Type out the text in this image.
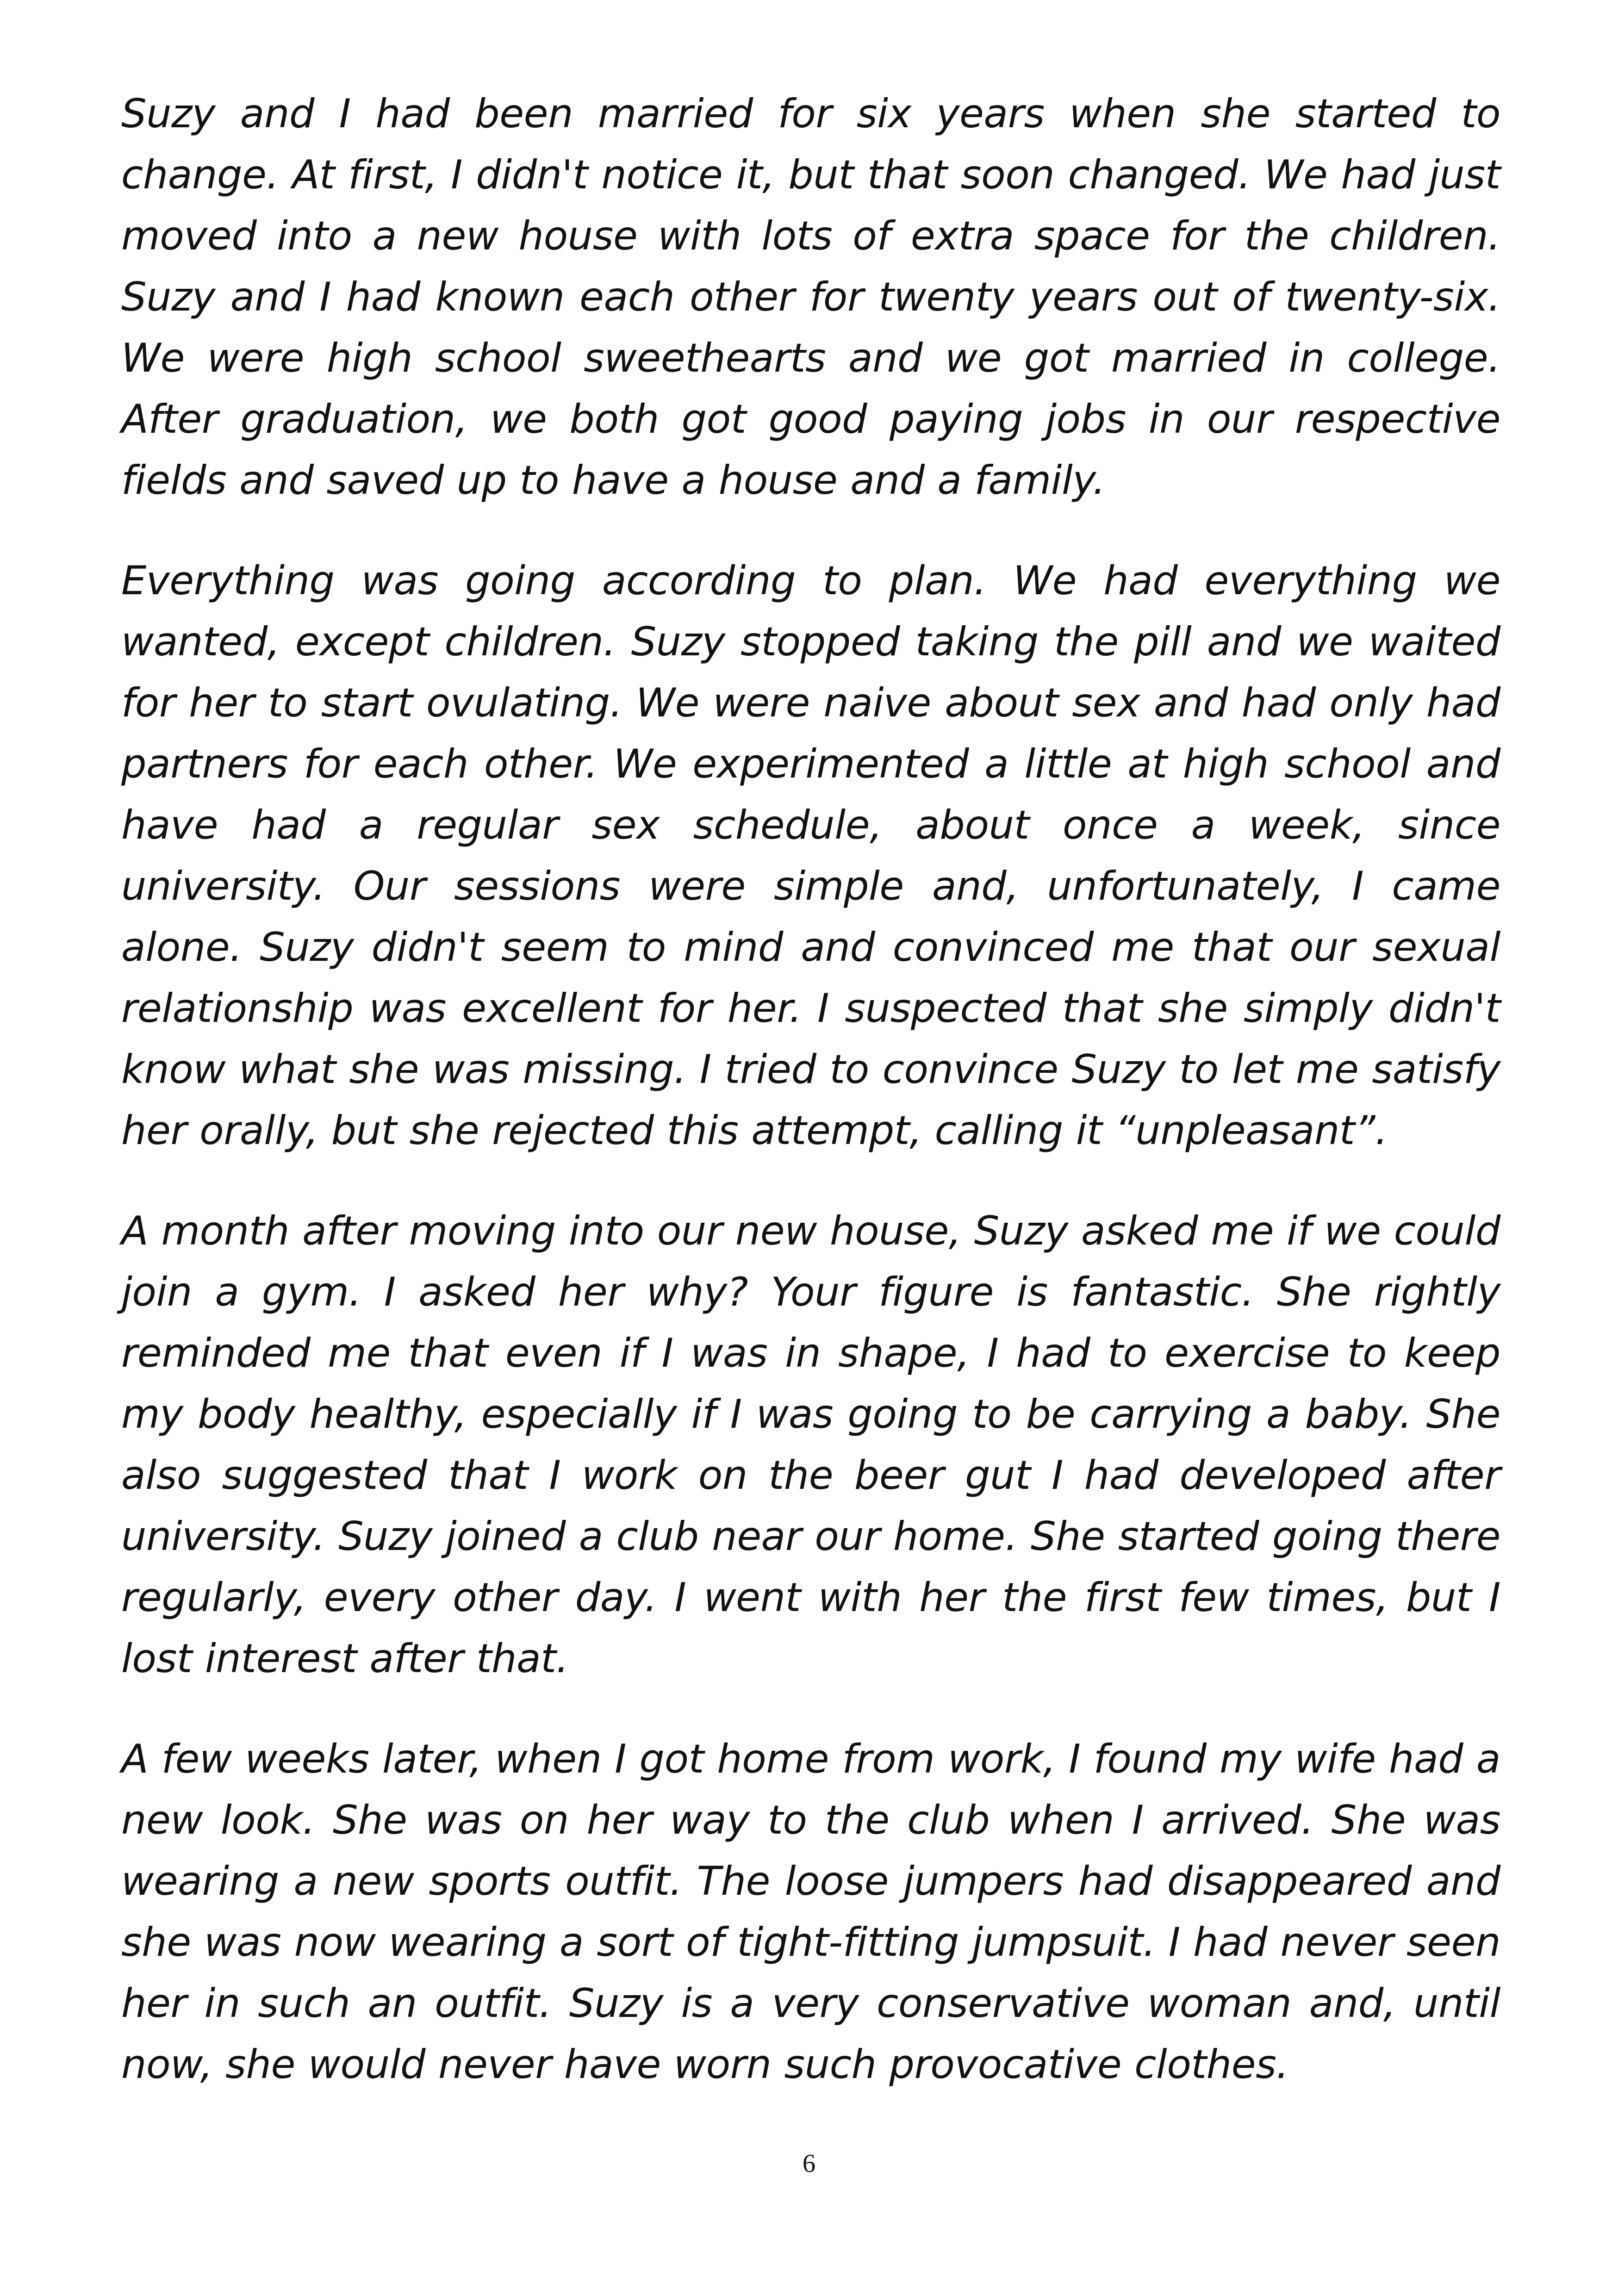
Suzy and I had been married for six years when she started to change. At first, I didn't notice it, but that soon changed. We had just moved into a new house with lots of extra space for the children. Suzy and I had known each other for twenty years out of twenty-six. We were high school sweethearts and we got married in college. After graduation, we both got good paying jobs in our respective fields and saved up to have a house and a family.

Everything was going according to plan. We had everything we wanted, except children. Suzy stopped taking the pill and we waited for her to start ovulating. We were naive about sex and had only had partners for each other. We experimented a little at high school and have had a regular sex schedule, about once a week, since university. Our sessions were simple and, unfortunately, I came alone. Suzy didn't seem to mind and convinced me that our sexual relationship was excellent for her. I suspected that she simply didn't know what she was missing. I tried to convince Suzy to let me satisfy her orally, but she rejected this attempt, calling it “unpleasant”.

A month after moving into our new house, Suzy asked me if we could join a gym. I asked her why? Your figure is fantastic. She rightly reminded me that even if I was in shape, I had to exercise to keep my body healthy, especially if I was going to be carrying a baby. She also suggested that I work on the beer gut I had developed after university. Suzy joined a club near our home. She started going there regularly, every other day. I went with her the first few times, but I lost interest after that.

A few weeks later, when I got home from work, I found my wife had a new look. She was on her way to the club when I arrived. She was wearing a new sports outfit. The loose jumpers had disappeared and she was now wearing a sort of tight-fitting jumpsuit. I had never seen her in such an outfit. Suzy is a very conservative woman and, until now, she would never have worn such provocative clothes.

6
